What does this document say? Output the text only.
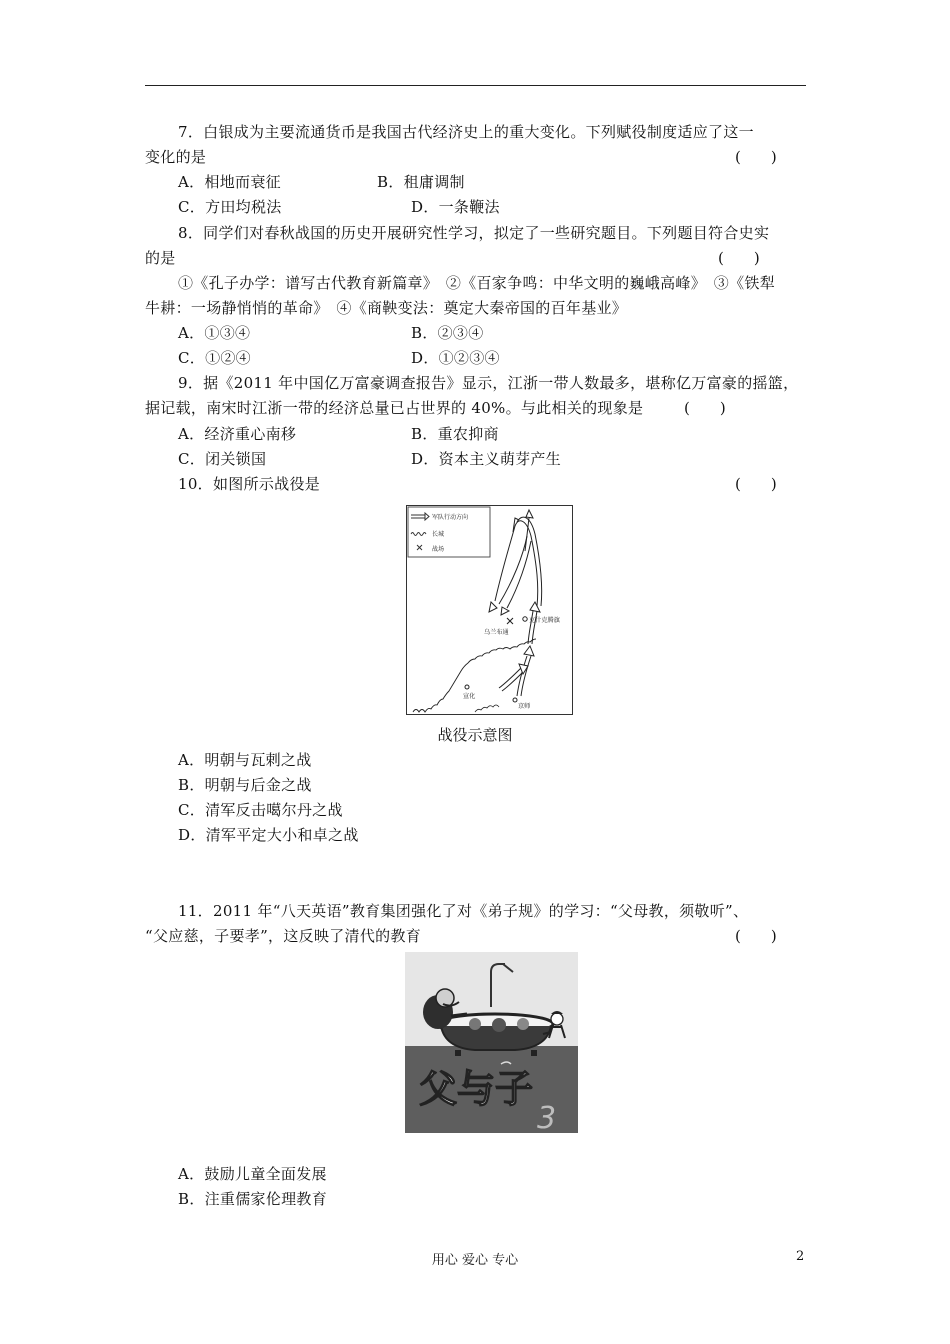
7．白银成为主要流通货币是我国古代经济史上的重大变化。下列赋役制度适应了这一
变化的是	(　　)
A．相地而衰征	B．租庸调制
C．方田均税法	D．一条鞭法
8．同学们对春秋战国的历史开展研究性学习，拟定了一些研究题目。下列题目符合史实
的是	(　　)
①《孔子办学：谱写古代教育新篇章》　②《百家争鸣：中华文明的巍峨高峰》　③《铁犁
牛耕：一场静悄悄的革命》　④《商鞅变法：奠定大秦帝国的百年基业》
A．①③④	B．②③④
C．①②④	D．①②③④
9．据《2011 年中国亿万富豪调查报告》显示，江浙一带人数最多，堪称亿万富豪的摇篮，
据记载，南宋时江浙一带的经济总量已占世界的 40%。与此相关的现象是	(　　)
A．经济重心南移	B．重农抑商
C．闭关锁国	D．资本主义萌芽产生
10．如图所示战役是	(　　)
军队行动方向
长城
战场
乌兰布通
克什克腾旗
宣化
京师
战役示意图
A．明朝与瓦剌之战
B．明朝与后金之战
C．清军反击噶尔丹之战
D．清军平定大小和卓之战
11．2011 年“八天英语”教育集团强化了对《弟子规》的学习：“父母教，须敬听”、
“父应慈，子要孝”，这反映了清代的教育	(　　)
父与子
3
A．鼓励儿童全面发展
B．注重儒家伦理教育
用心 爱心 专心	2
